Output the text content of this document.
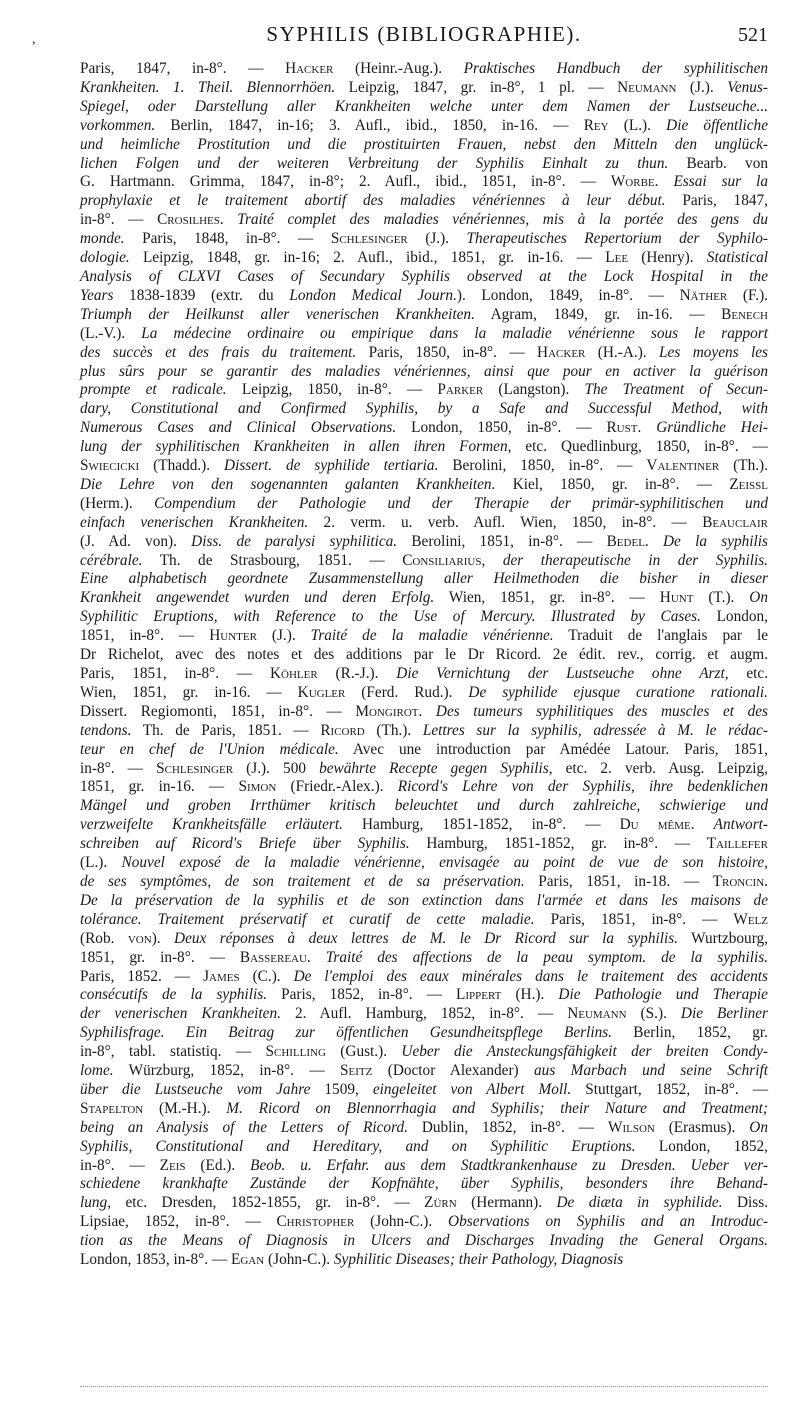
,	SYPHILIS (BIBLIOGRAPHIE).	521
Paris, 1847, in-8°. — Hacker (Heinr.-Aug.). Praktisches Handbuch der syphilitischen
Krankheiten. 1. Theil. Blennorrhöen. Leipzig, 1847, gr. in-8°, 1 pl. — Neumann (J.). Venus-
Spiegel, oder Darstellung aller Krankheiten welche unter dem Namen der Lustseuche...
vorkommen. Berlin, 1847, in-16; 3. Aufl., ibid., 1850, in-16. — Rey (L.). Die öffentliche
und heimliche Prostitution und die prostituirten Frauen, nebst den Mitteln den unglück-
lichen Folgen und der weiteren Verbreitung der Syphilis Einhalt zu thun. Bearb. von
G. Hartmann. Grimma, 1847, in-8°; 2. Aufl., ibid., 1851, in-8°. — Worbe. Essai sur la
prophylaxie et le traitement abortif des maladies vénériennes à leur début. Paris, 1847,
in-8°. — Crosilhes. Traité complet des maladies vénériennes, mis à la portée des gens du
monde. Paris, 1848, in-8°. — Schlesinger (J.). Therapeutisches Repertorium der Syphilo-
dologie. Leipzig, 1848, gr. in-16; 2. Aufl., ibid., 1851, gr. in-16. — Lee (Henry). Statistical
Analysis of CLXVI Cases of Secundary Syphilis observed at the Lock Hospital in the
Years 1838-1839 (extr. du London Medical Journ.). London, 1849, in-8°. — Näther (F.).
Triumph der Heilkunst aller venerischen Krankheiten. Agram, 1849, gr. in-16. — Benech
(L.-V.). La médecine ordinaire ou empirique dans la maladie vénérienne sous le rapport
des succès et des frais du traitement. Paris, 1850, in-8°. — Hacker (H.-A.). Les moyens les
plus sûrs pour se garantir des maladies vénériennes, ainsi que pour en activer la guérison
prompte et radicale. Leipzig, 1850, in-8°. — Parker (Langston). The Treatment of Secun-
dary, Constitutional and Confirmed Syphilis, by a Safe and Successful Method, with
Numerous Cases and Clinical Observations. London, 1850, in-8°. — Rust. Gründliche Hei-
lung der syphilitischen Krankheiten in allen ihren Formen, etc. Quedlinburg, 1850, in-8°. —
Swiecicki (Thadd.). Dissert. de syphilide tertiaria. Berolini, 1850, in-8°. — Valentiner (Th.).
Die Lehre von den sogenannten galanten Krankheiten. Kiel, 1850, gr. in-8°. — Zeissl
(Herm.). Compendium der Pathologie und der Therapie der primär-syphilitischen und
einfach venerischen Krankheiten. 2. verm. u. verb. Aufl. Wien, 1850, in-8°. — Beauclair
(J. Ad. von). Diss. de paralysi syphilitica. Berolini, 1851, in-8°. — Bedel. De la syphilis
cérébrale. Th. de Strasbourg, 1851. — Consiliarius, der therapeutische in der Syphilis.
Eine alphabetisch geordnete Zusammenstellung aller Heilmethoden die bisher in dieser
Krankheit angewendet wurden und deren Erfolg. Wien, 1851, gr. in-8°. — Hunt (T.). On
Syphilitic Eruptions, with Reference to the Use of Mercury. Illustrated by Cases. London,
1851, in-8°. — Hunter (J.). Traité de la maladie vénérienne. Traduit de l'anglais par le
Dr Richelot, avec des notes et des additions par le Dr Ricord. 2e édit. rev., corrig. et augm.
Paris, 1851, in-8°. — Köhler (R.-J.). Die Vernichtung der Lustseuche ohne Arzt, etc.
Wien, 1851, gr. in-16. — Kugler (Ferd. Rud.). De syphilide ejusque curatione rationali.
Dissert. Regiomonti, 1851, in-8°. — Mongirot. Des tumeurs syphilitiques des muscles et des
tendons. Th. de Paris, 1851. — Ricord (Th.). Lettres sur la syphilis, adressée à M. le rédac-
teur en chef de l'Union médicale. Avec une introduction par Amédée Latour. Paris, 1851,
in-8°. — Schlesinger (J.). 500 bewährte Recepte gegen Syphilis, etc. 2. verb. Ausg. Leipzig,
1851, gr. in-16. — Simon (Friedr.-Alex.). Ricord's Lehre von der Syphilis, ihre bedenklichen
Mängel und groben Irrthümer kritisch beleuchtet und durch zahlreiche, schwierige und
verzweifelte Krankheitsfälle erläutert. Hamburg, 1851-1852, in-8°. — Du même. Antwort-
schreiben auf Ricord's Briefe über Syphilis. Hamburg, 1851-1852, gr. in-8°. — Taillefer
(L.). Nouvel exposé de la maladie vénérienne, envisagée au point de vue de son histoire,
de ses symptômes, de son traitement et de sa préservation. Paris, 1851, in-18. — Troncin.
De la préservation de la syphilis et de son extinction dans l'armée et dans les maisons de
tolérance. Traitement préservatif et curatif de cette maladie. Paris, 1851, in-8°. — Welz
(Rob. von). Deux réponses à deux lettres de M. le Dr Ricord sur la syphilis. Wurtzbourg,
1851, gr. in-8°. — Bassereau. Traité des affections de la peau symptom. de la syphilis.
Paris, 1852. — James (C.). De l'emploi des eaux minérales dans le traitement des accidents
consécutifs de la syphilis. Paris, 1852, in-8°. — Lippert (H.). Die Pathologie und Therapie
der venerischen Krankheiten. 2. Aufl. Hamburg, 1852, in-8°. — Neumann (S.). Die Berliner
Syphilisfrage. Ein Beitrag zur öffentlichen Gesundheitspflege Berlins. Berlin, 1852, gr.
in-8°, tabl. statistiq. — Schilling (Gust.). Ueber die Ansteckungsfähigkeit der breiten Condy-
lome. Würzburg, 1852, in-8°. — Seitz (Doctor Alexander) aus Marbach und seine Schrift
über die Lustseuche vom Jahre 1509, eingeleitet von Albert Moll. Stuttgart, 1852, in-8°. —
Stapelton (M.-H.). M. Ricord on Blennorrhagia and Syphilis; their Nature and Treatment;
being an Analysis of the Letters of Ricord. Dublin, 1852, in-8°. — Wilson (Erasmus). On
Syphilis, Constitutional and Hereditary, and on Syphilitic Eruptions. London, 1852,
in-8°. — Zeis (Ed.). Beob. u. Erfahr. aus dem Stadtkrankenhause zu Dresden. Ueber ver-
schiedene krankhafte Zustände der Kopfnähte, über Syphilis, besonders ihre Behand-
lung, etc. Dresden, 1852-1855, gr. in-8°. — Zürn (Hermann). De diæta in syphilide. Diss.
Lipsiae, 1852, in-8°. — Christopher (John-C.). Observations on Syphilis and an Introduc-
tion as the Means of Diagnosis in Ulcers and Discharges Invading the General Organs.
London, 1853, in-8°. — Egan (John-C.). Syphilitic Diseases; their Pathology, Diagnosis
